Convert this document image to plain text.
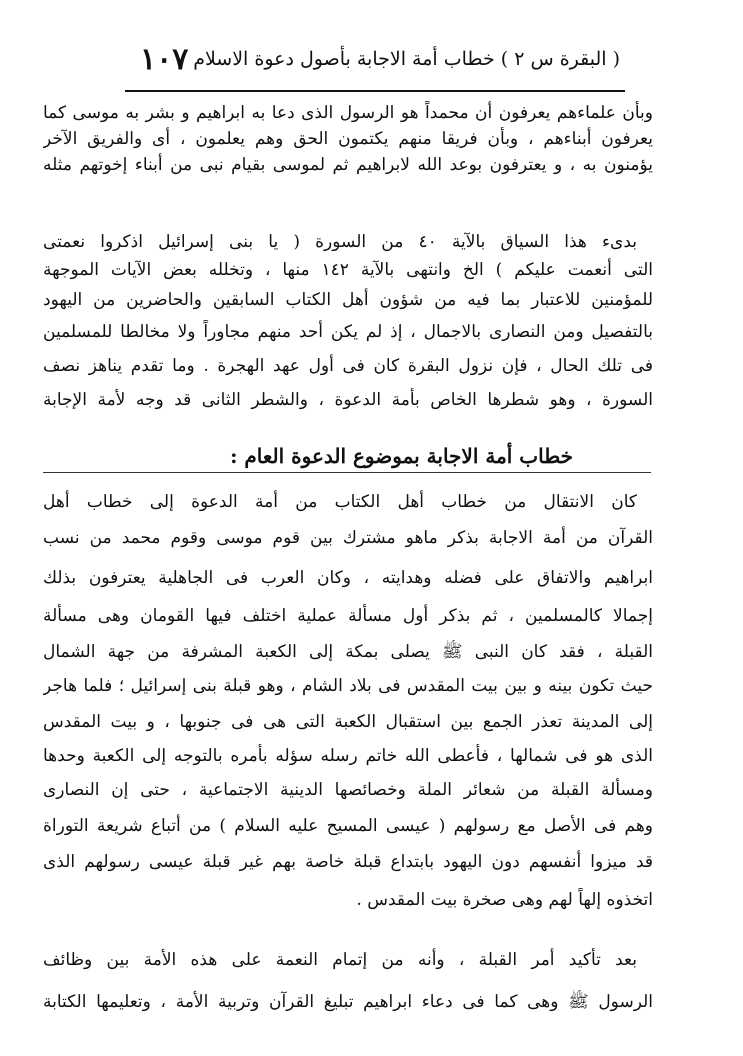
١٠٧ ( البقرة س ٢ ) خطاب أمة الاجابة بأصول دعوة الاسلام
وبأن علماءهم يعرفون أن محمداً هو الرسول الذى دعا به ابراهيم و بشر به موسى كما
يعرفون أبناءهم ، وبأن فريقا منهم يكتمون الحق وهم يعلمون ، أى والفريق الآخر
يؤمنون به ، و يعترفون بوعد الله لابراهيم ثم لموسى بقيام نبى من أبناء إخوتهم مثله
بدىء هذا السياق بالآية ٤٠ من السورة ( يا بنى إسرائيل اذكروا نعمتى
التى أنعمت عليكم ) الخ وانتهى بالآية ١٤٢ منها ، وتخلله بعض الآيات الموجهة
للمؤمنين للاعتبار بما فيه من شؤون أهل الكتاب السابقين والحاضرين من اليهود
بالتفصيل ومن النصارى بالاجمال ، إذ لم يكن أحد منهم مجاوراً ولا مخالطا للمسلمين
فى تلك الحال ، فإن نزول البقرة كان فى أول عهد الهجرة . وما تقدم يناهز نصف
السورة ، وهو شطرها الخاص بأمة الدعوة ، والشطر الثانى قد وجه لأمة الإجابة
خطاب أمة الاجابة بموضوع الدعوة العام :
كان الانتقال من خطاب أهل الكتاب من أمة الدعوة إلى خطاب أهل
القرآن من أمة الاجابة بذكر ماهو مشترك بين قوم موسى وقوم محمد من نسب
ابراهيم والاتفاق على فضله وهدايته ، وكان العرب فى الجاهلية يعترفون بذلك
إجمالا كالمسلمين ، ثم بذكر أول مسألة عملية اختلف فيها القومان وهى مسألة
القبلة ، فقد كان النبى ﷺ يصلى بمكة إلى الكعبة المشرفة من جهة الشمال
حيث تكون بينه و بين بيت المقدس فى بلاد الشام ، وهو قبلة بنى إسرائيل ؛ فلما هاجر
إلى المدينة تعذر الجمع بين استقبال الكعبة التى هى فى جنوبها ، و بيت المقدس
الذى هو فى شمالها ، فأعطى الله خاتم رسله سؤله بأمره بالتوجه إلى الكعبة وحدها
ومسألة القبلة من شعائر الملة وخصائصها الدينية الاجتماعية ، حتى إن النصارى
وهم فى الأصل مع رسولهم ( عيسى المسيح عليه السلام ) من أتباع شريعة التوراة
قد ميزوا أنفسهم دون اليهود بابتداع قبلة خاصة بهم غير قبلة عيسى رسولهم الذى
اتخذوه إلهاً لهم وهى صخرة بيت المقدس .
بعد تأكيد أمر القبلة ، وأنه من إتمام النعمة على هذه الأمة بين وظائف
الرسول ﷺ وهى كما فى دعاء ابراهيم تبليغ القرآن وتربية الأمة ، وتعليمها الكتابة
